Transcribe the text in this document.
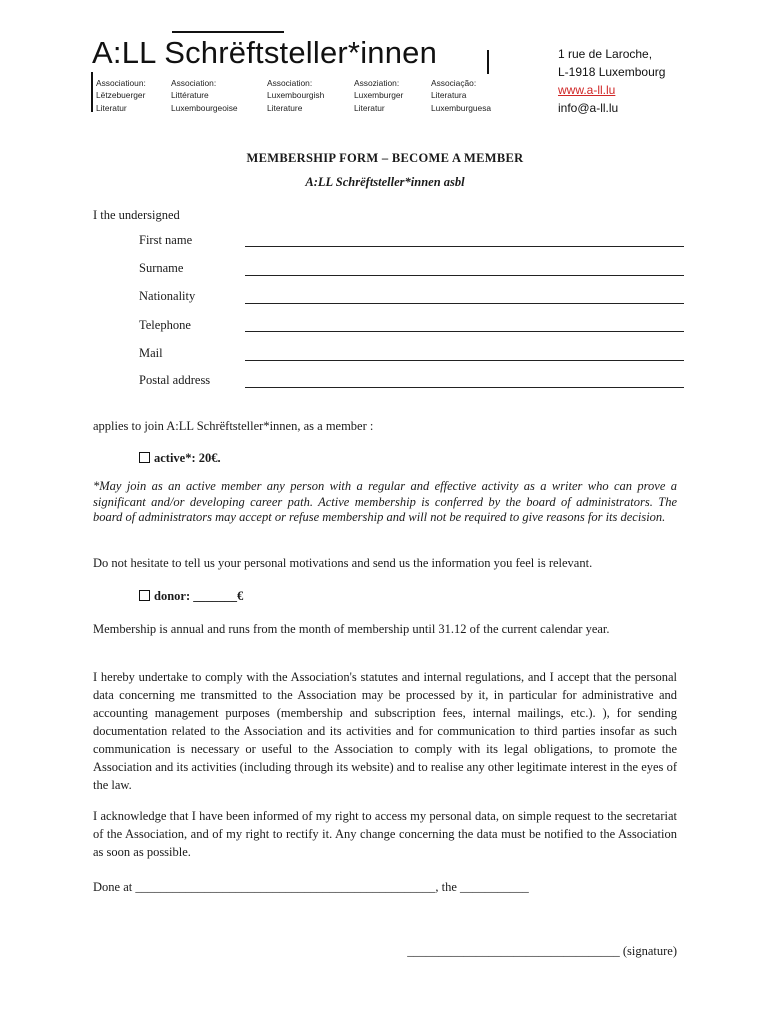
A:LL Schrëftsteller*innen
Associatioun:
Lëtzebuerger
Literatur
Association:
Littérature
Luxembourgeoise
Association:
Luxembourgish
Literature
Assoziation:
Luxemburger
Literatur
Associação:
Literatura
Luxemburguesa
1 rue de Laroche,
L-1918 Luxembourg
www.a-ll.lu
info@a-ll.lu
MEMBERSHIP FORM – BECOME A MEMBER
A:LL Schrëftsteller*innen asbl
I the undersigned
First name
Surname
Nationality
Telephone
Mail
Postal address
applies to join A:LL Schrëftsteller*innen, as a member :
active*: 20€.
*May join as an active member any person with a regular and effective activity as a writer who can prove a significant and/or developing career path. Active membership is conferred by the board of administrators. The board of administrators may accept or refuse membership and will not be required to give reasons for its decision.
Do not hesitate to tell us your personal motivations and send us the information you feel is relevant.
donor: _______€
Membership is annual and runs from the month of membership until 31.12 of the current calendar year.
I hereby undertake to comply with the Association's statutes and internal regulations, and I accept that the personal data concerning me transmitted to the Association may be processed by it, in particular for administrative and accounting management purposes (membership and subscription fees, internal mailings, etc.). ), for sending documentation related to the Association and its activities and for communication to third parties insofar as such communication is necessary or useful to the Association to comply with its legal obligations, to promote the Association and its activities (including through its website) and to realise any other legitimate interest in the eyes of the law.
I acknowledge that I have been informed of my right to access my personal data, on simple request to the secretariat of the Association, and of my right to rectify it. Any change concerning the data must be notified to the Association as soon as possible.
Done at ________________________________________________, the ___________
__________________________________ (signature)
